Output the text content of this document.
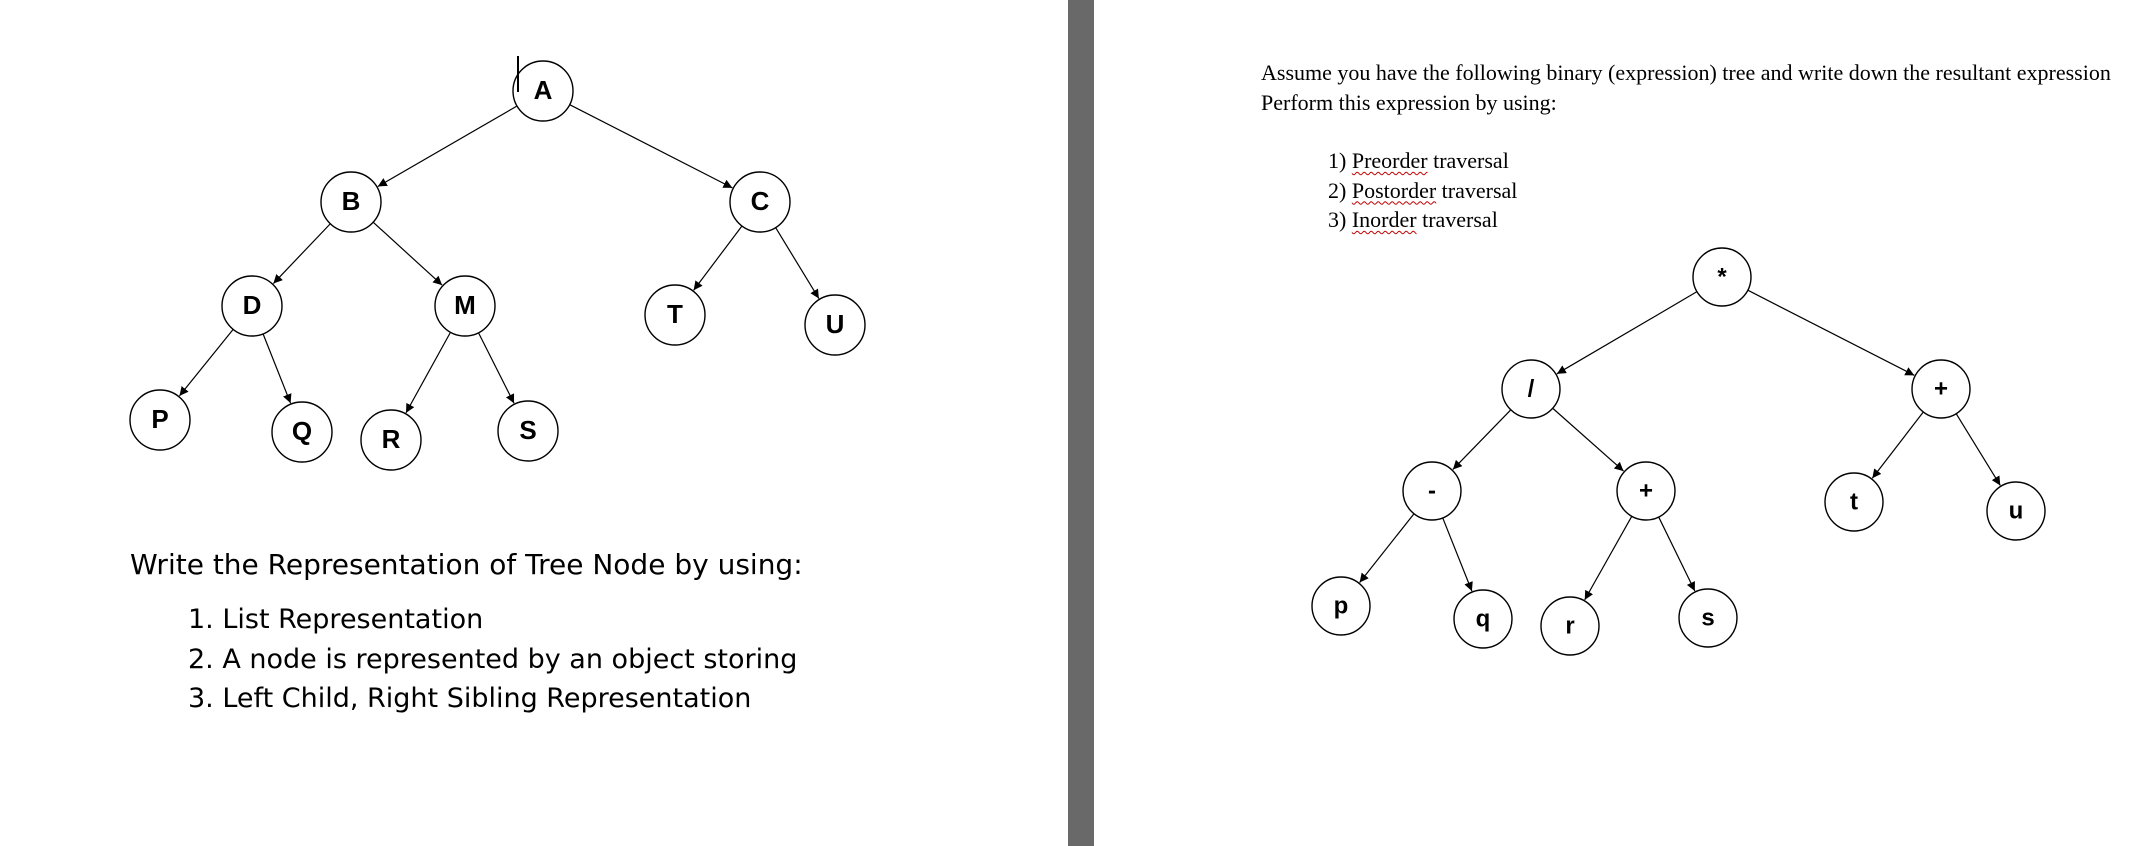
A
B	C
D	M	T	U
P	Q	R	S
Write the Representation of Tree Node by using:
1. List Representation
2. A node is represented by an object storing
3. Left Child, Right Sibling Representation
Assume you have the following binary (expression) tree and write down the resultant expression Perform this expression by using:
1) Preorder traversal
2) Postorder traversal
3) Inorder traversal
*
/	+
-	+	t	u
p	q	r	s
